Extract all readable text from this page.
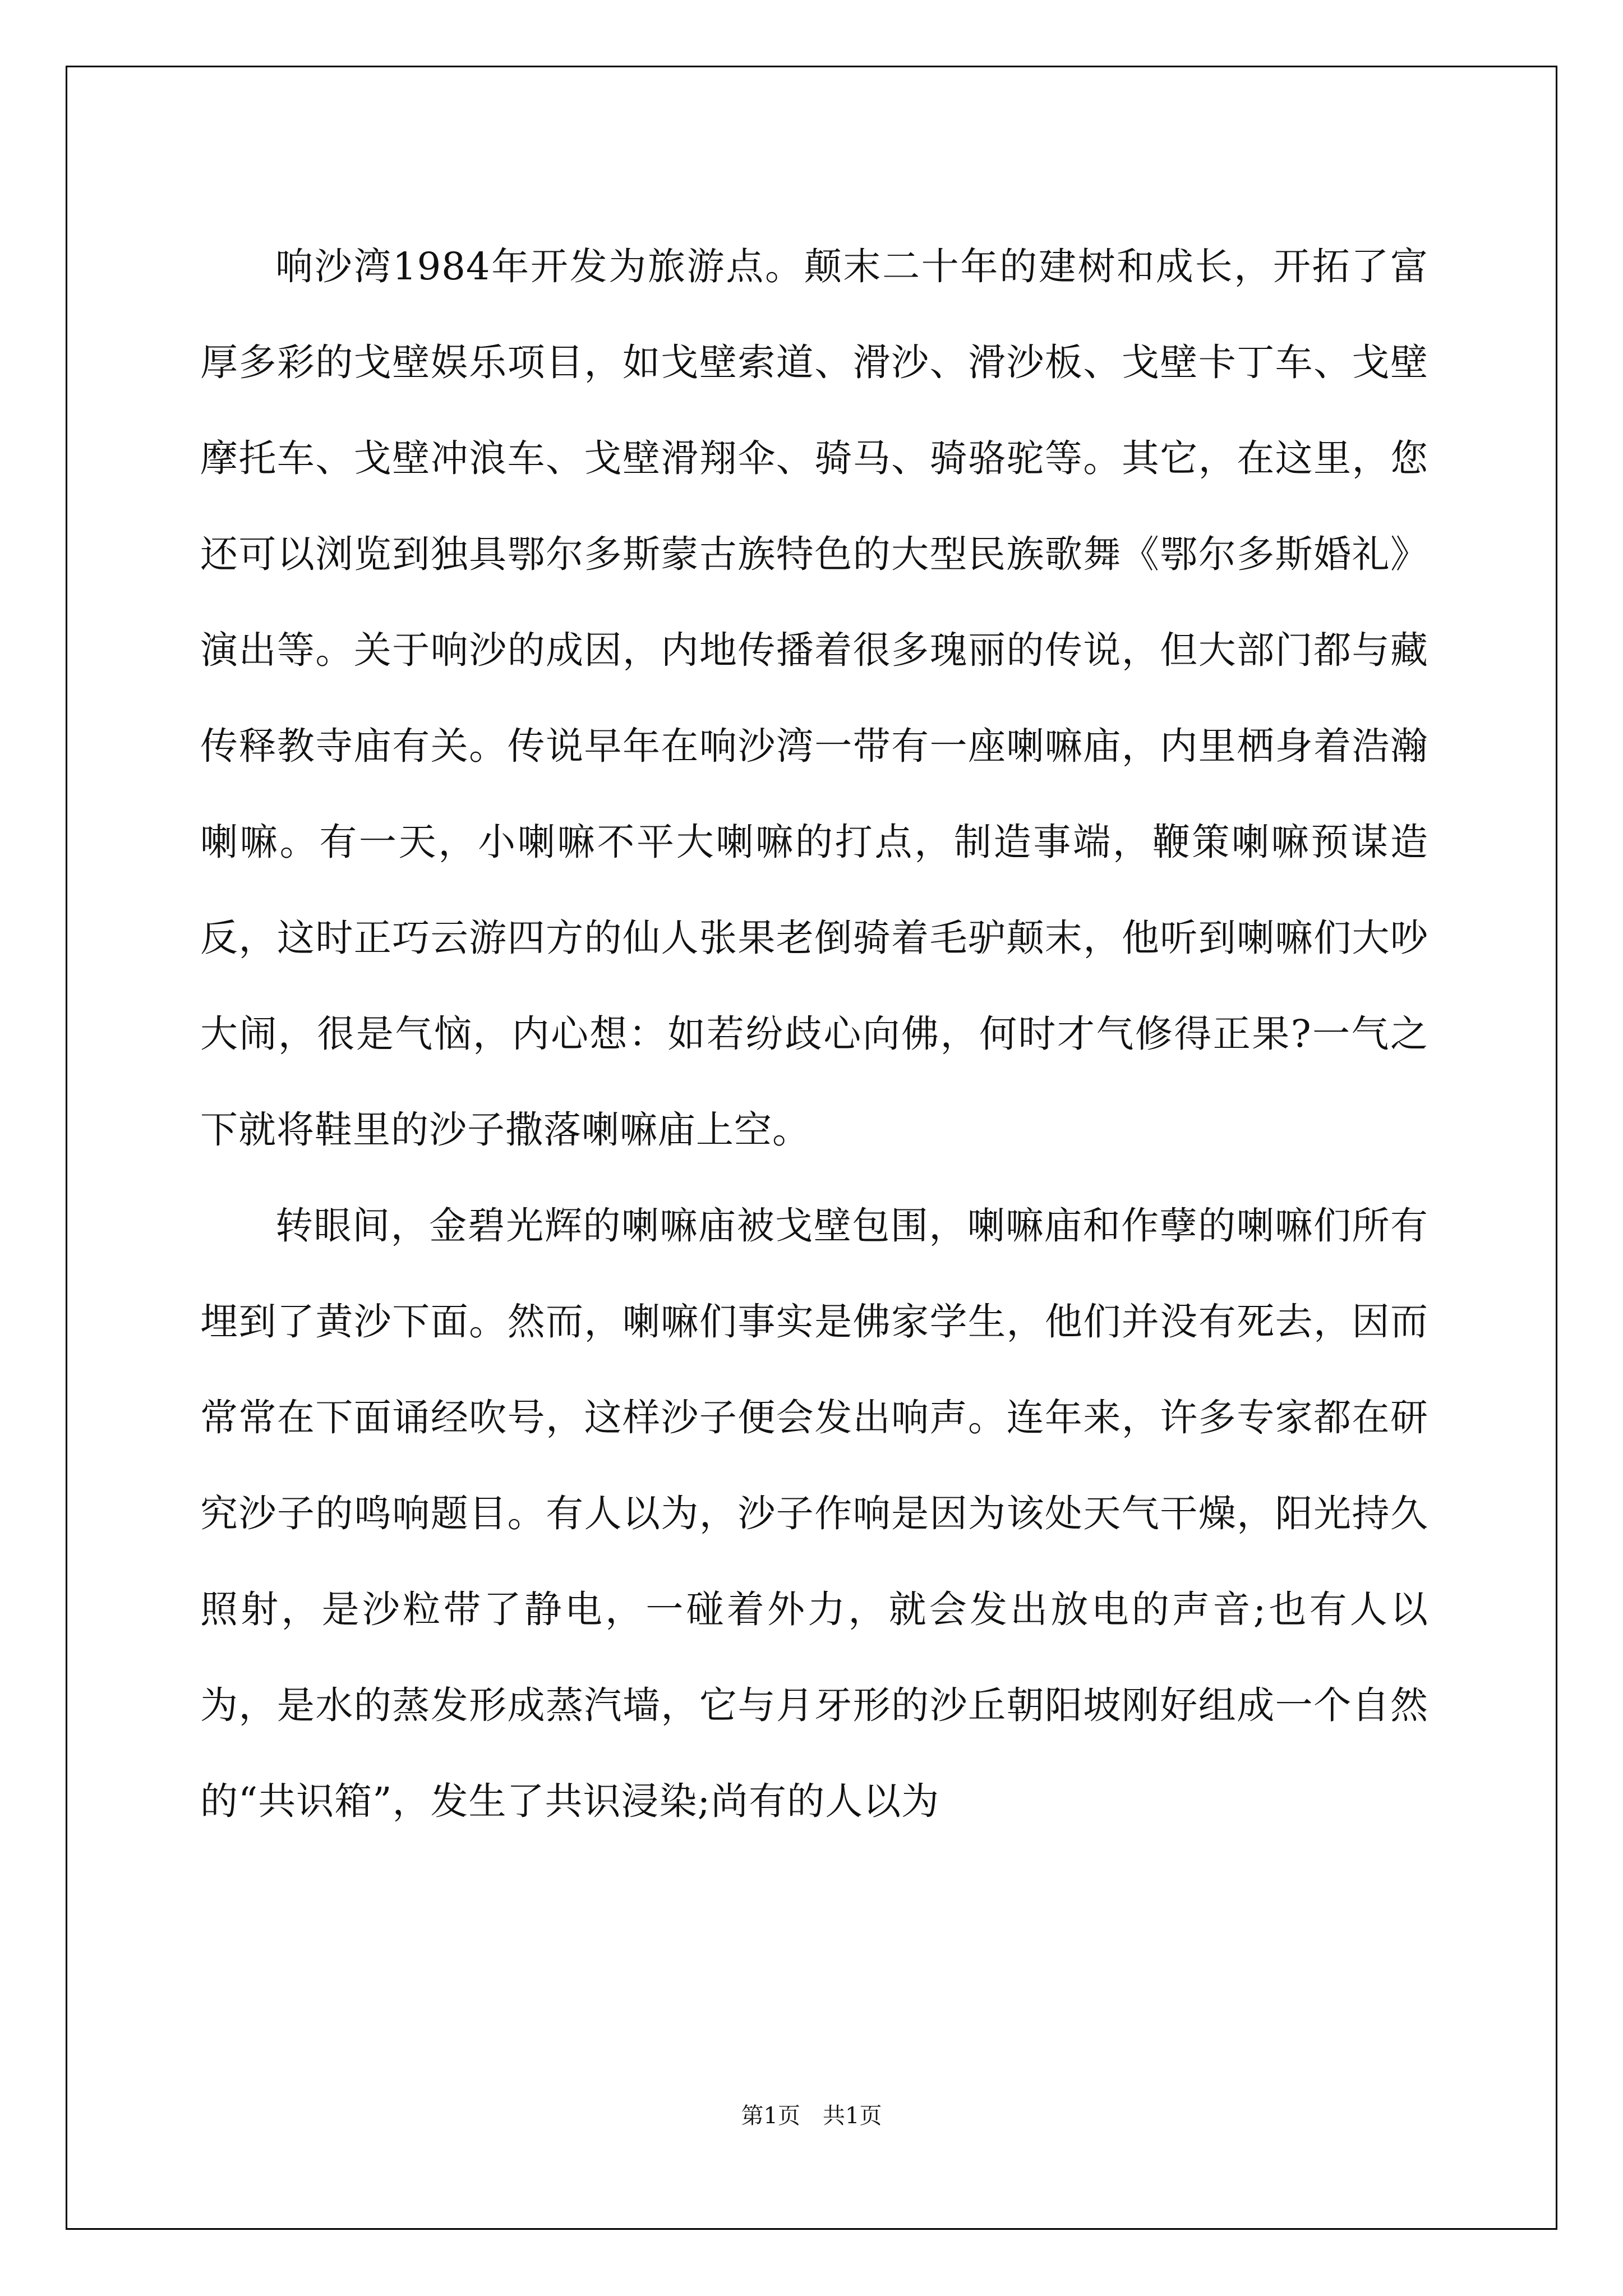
响沙湾1984年开发为旅游点。颠末二十年的建树和成长，开拓了富厚多彩的戈壁娱乐项目，如戈壁索道、滑沙、滑沙板、戈壁卡丁车、戈壁摩托车、戈壁冲浪车、戈壁滑翔伞、骑马、骑骆驼等。其它，在这里，您还可以浏览到独具鄂尔多斯蒙古族特色的大型民族歌舞《鄂尔多斯婚礼》演出等。关于响沙的成因，内地传播着很多瑰丽的传说，但大部门都与藏传释教寺庙有关。传说早年在响沙湾一带有一座喇嘛庙，内里栖身着浩瀚喇嘛。有一天，小喇嘛不平大喇嘛的打点，制造事端，鞭策喇嘛预谋造反，这时正巧云游四方的仙人张果老倒骑着毛驴颠末，他听到喇嘛们大吵大闹，很是气恼，内心想：如若纷歧心向佛，何时才气修得正果?一气之下就将鞋里的沙子撒落喇嘛庙上空。

转眼间，金碧光辉的喇嘛庙被戈壁包围，喇嘛庙和作孽的喇嘛们所有埋到了黄沙下面。然而，喇嘛们事实是佛家学生，他们并没有死去，因而常常在下面诵经吹号，这样沙子便会发出响声。连年来，许多专家都在研究沙子的鸣响题目。有人以为，沙子作响是因为该处天气干燥，阳光持久照射，是沙粒带了静电，一碰着外力，就会发出放电的声音;也有人以为，是水的蒸发形成蒸汽墙，它与月牙形的沙丘朝阳坡刚好组成一个自然的“共识箱”，发生了共识浸染;尚有的人以为

第1页　共1页
